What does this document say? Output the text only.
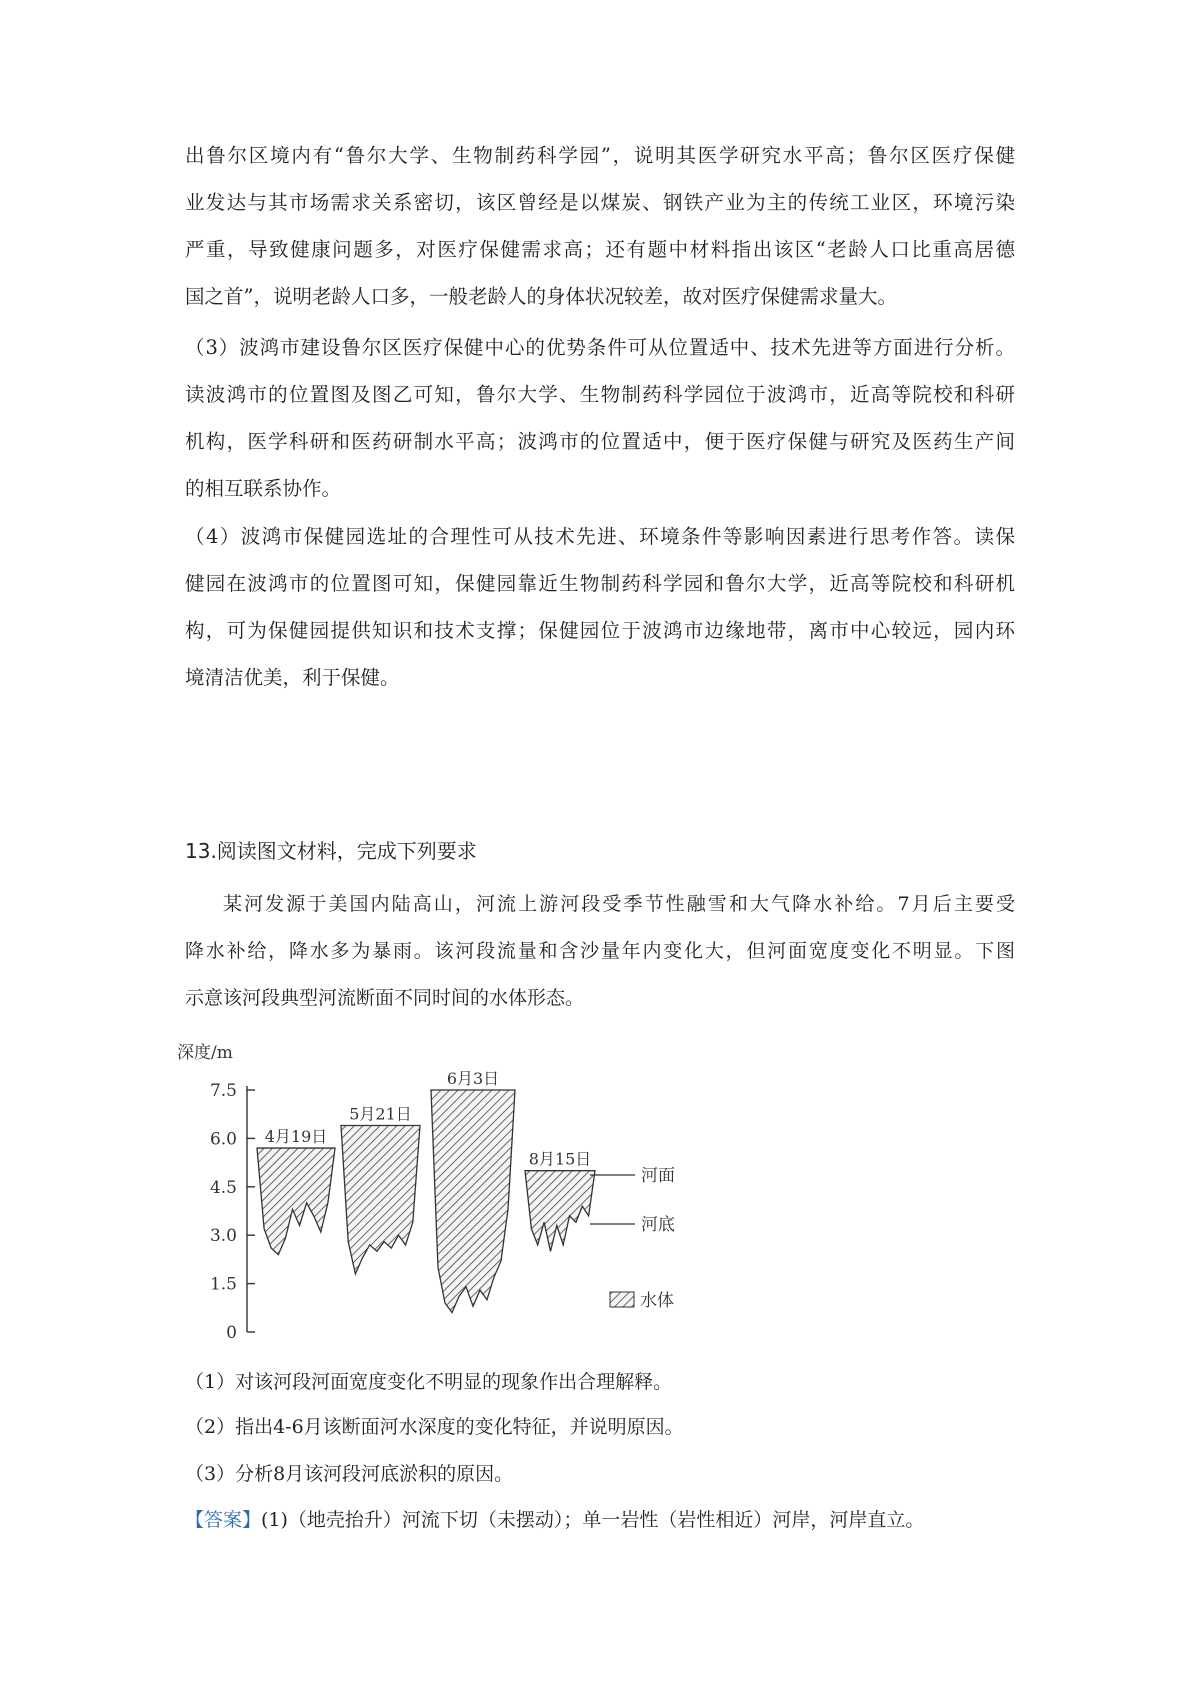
出鲁尔区境内有“鲁尔大学、生物制药科学园”，说明其医学研究水平高；鲁尔区医疗保健
业发达与其市场需求关系密切，该区曾经是以煤炭、钢铁产业为主的传统工业区，环境污染
严重，导致健康问题多，对医疗保健需求高；还有题中材料指出该区“老龄人口比重高居德
国之首”，说明老龄人口多，一般老龄人的身体状况较差，故对医疗保健需求量大。
（3）波鸿市建设鲁尔区医疗保健中心的优势条件可从位置适中、技术先进等方面进行分析。
读波鸿市的位置图及图乙可知，鲁尔大学、生物制药科学园位于波鸿市，近高等院校和科研
机构，医学科研和医药研制水平高；波鸿市的位置适中，便于医疗保健与研究及医药生产间
的相互联系协作。
（4）波鸿市保健园选址的合理性可从技术先进、环境条件等影响因素进行思考作答。读保
健园在波鸿市的位置图可知，保健园靠近生物制药科学园和鲁尔大学，近高等院校和科研机
构，可为保健园提供知识和技术支撑；保健园位于波鸿市边缘地带，离市中心较远，园内环
境清洁优美，利于保健。

13.阅读图文材料，完成下列要求

某河发源于美国内陆高山，河流上游河段受季节性融雪和大气降水补给。7月后主要受
降水补给，降水多为暴雨。该河段流量和含沙量年内变化大，但河面宽度变化不明显。下图
示意该河段典型河流断面不同时间的水体形态。
深度/m
7.5
6.0
4.5
3.0
1.5
0
4月19日
5月21日
6月3日
8月15日
河面
河底
水体

（1）对该河段河面宽度变化不明显的现象作出合理解释。

（2）指出4-6月该断面河水深度的变化特征，并说明原因。

（3）分析8月该河段河底淤积的原因。

【答案】(1)（地壳抬升）河流下切（未摆动）；单一岩性（岩性相近）河岸，河岸直立。
